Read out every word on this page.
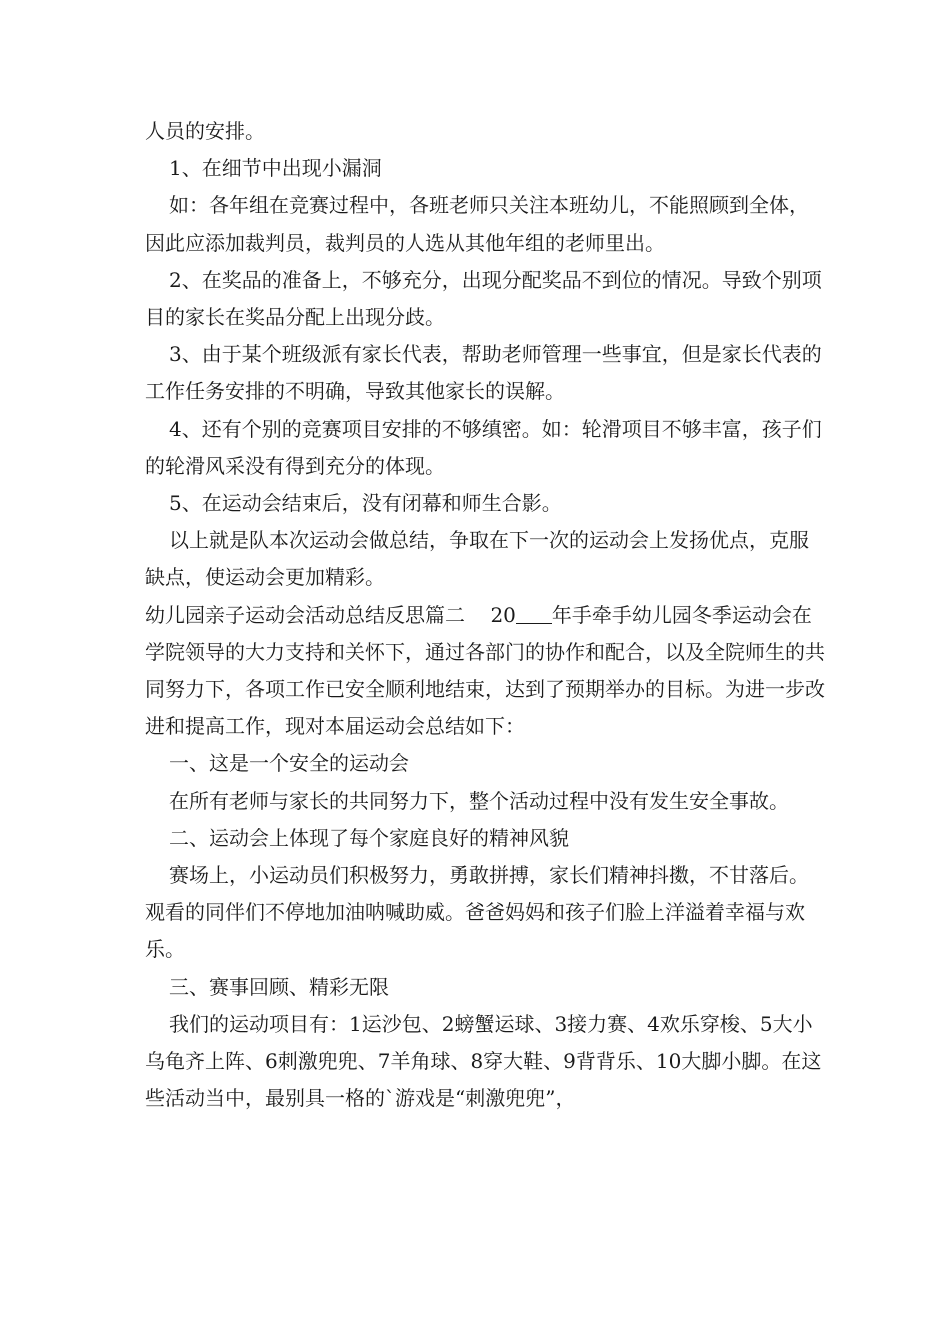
人员的安排。

1、在细节中出现小漏洞

如：各年组在竞赛过程中，各班老师只关注本班幼儿，不能照顾到全体，因此应添加裁判员，裁判员的人选从其他年组的老师里出。

2、在奖品的准备上，不够充分，出现分配奖品不到位的情况。导致个别项目的家长在奖品分配上出现分歧。

3、由于某个班级派有家长代表，帮助老师管理一些事宜，但是家长代表的工作任务安排的不明确，导致其他家长的误解。

4、还有个别的竞赛项目安排的不够缜密。如：轮滑项目不够丰富，孩子们的轮滑风采没有得到充分的体现。

5、在运动会结束后，没有闭幕和师生合影。

以上就是队本次运动会做总结，争取在下一次的运动会上发扬优点，克服缺点，使运动会更加精彩。

幼儿园亲子运动会活动总结反思篇二 20 年手牵手幼儿园冬季运动会在学院领导的大力支持和关怀下，通过各部门的协作和配合，以及全院师生的共同努力下，各项工作已安全顺利地结束，达到了预期举办的目标。为进一步改进和提高工作，现对本届运动会总结如下：

一、这是一个安全的运动会

在所有老师与家长的共同努力下，整个活动过程中没有发生安全事故。

二、运动会上体现了每个家庭良好的精神风貌

赛场上，小运动员们积极努力，勇敢拼搏，家长们精神抖擞，不甘落后。观看的同伴们不停地加油呐喊助威。爸爸妈妈和孩子们脸上洋溢着幸福与欢乐。

三、赛事回顾、精彩无限

我们的运动项目有：1运沙包、2螃蟹运球、3接力赛、4欢乐穿梭、5大小乌龟齐上阵、6刺激兜兜、7羊角球、8穿大鞋、9背背乐、10大脚小脚。在这些活动当中，最别具一格的`游戏是“刺激兜兜”，
